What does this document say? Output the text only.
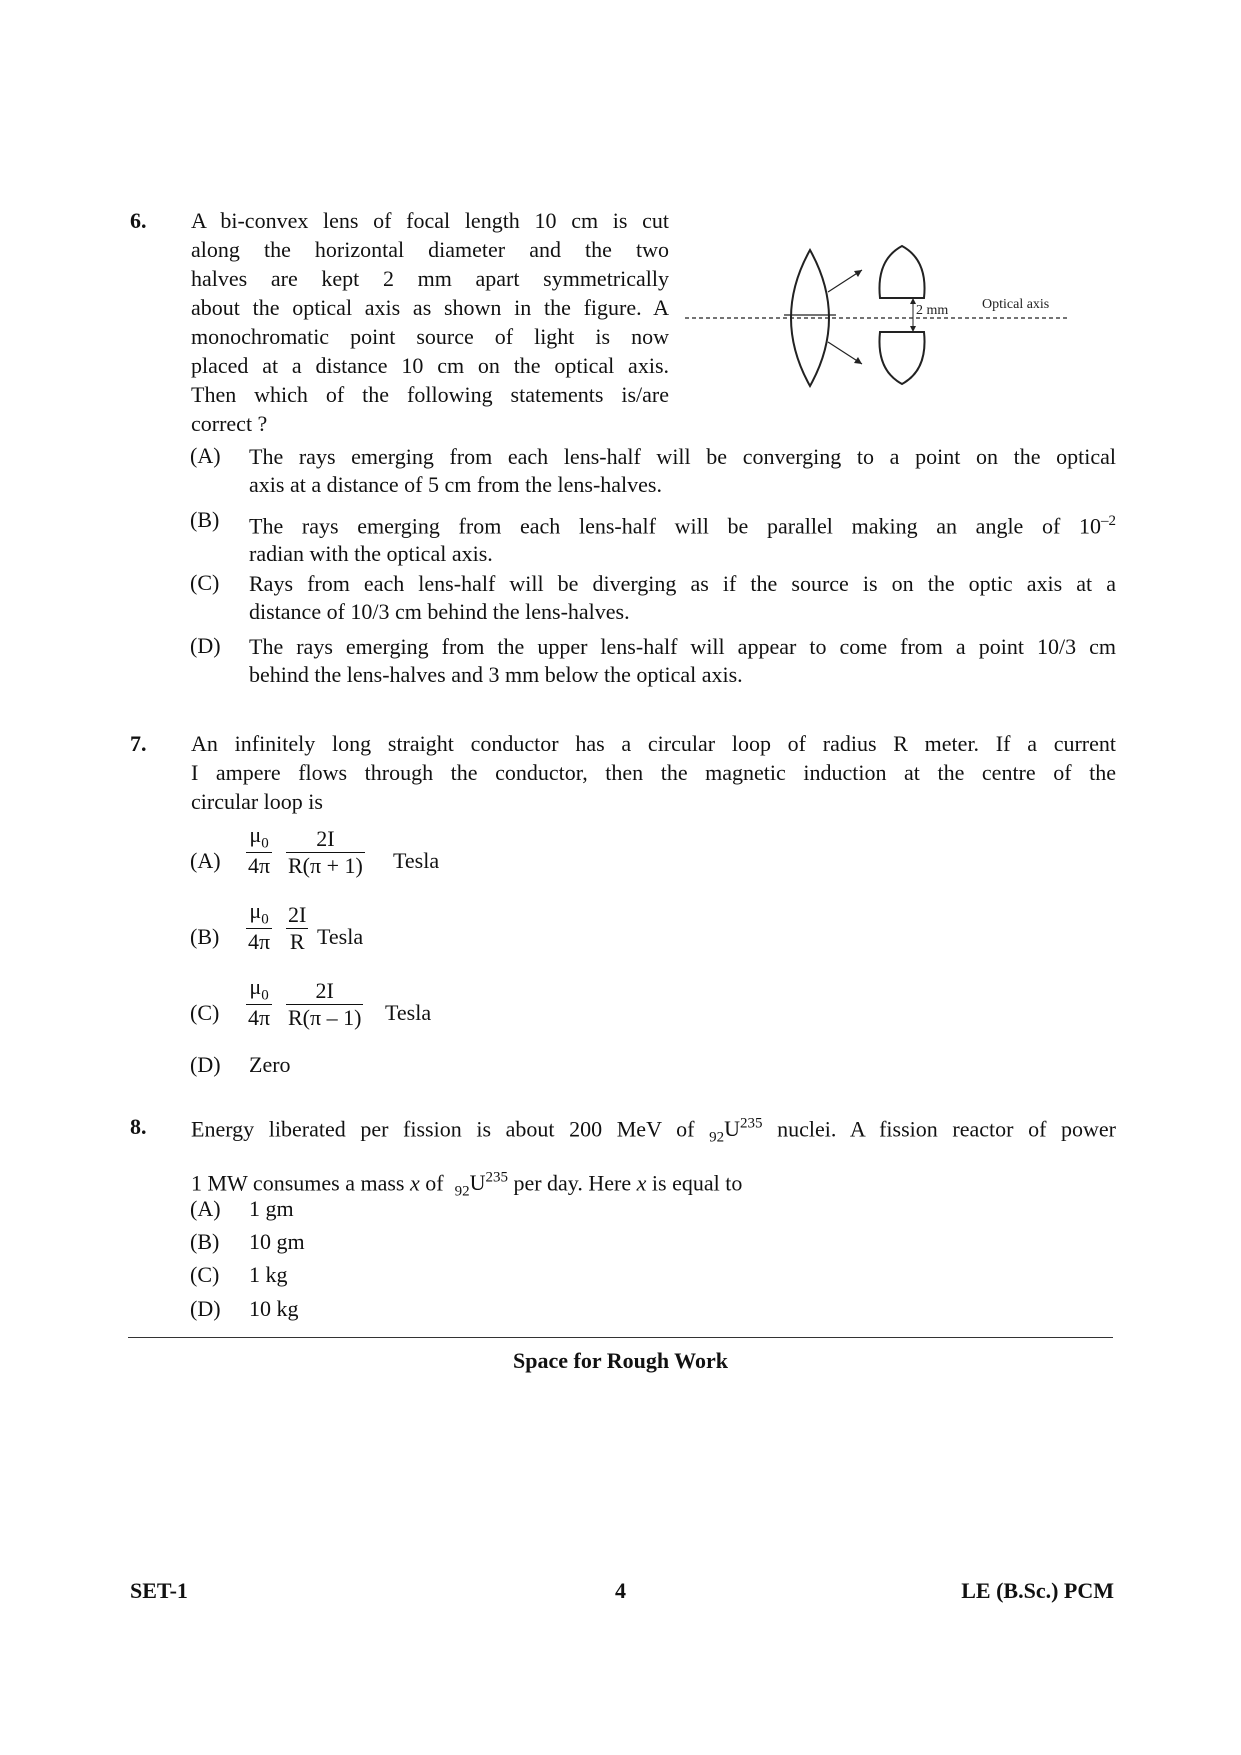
6. A bi-convex lens of focal length 10 cm is cut
along the horizontal diameter and the two
halves are kept 2 mm apart symmetrically
about the optical axis as shown in the figure. A
monochromatic point source of light is now
placed at a distance 10 cm on the optical axis.
Then which of the following statements is/are
correct ?
2 mm Optical axis
(A) The rays emerging from each lens-half will be converging to a point on the optical
axis at a distance of 5 cm from the lens-halves.
(B) The rays emerging from each lens-half will be parallel making an angle of $10^{-2}$
radian with the optical axis.
(C) Rays from each lens-half will be diverging as if the source is on the optic axis at a
distance of 10/3 cm behind the lens-halves.
(D) The rays emerging from the upper lens-half will appear to come from a point 10/3 cm
behind the lens-halves and 3 mm below the optical axis.
7. An infinitely long straight conductor has a circular loop of radius R meter. If a current
I ampere flows through the conductor, then the magnetic induction at the centre of the
circular loop is
$(A) \frac{\mu_0}{4\pi} \frac{2I}{R(\pi + 1)}$ Tesla
$(B) \frac{\mu_0}{4\pi} \frac{2I}{R}$ Tesla
$(C) \frac{\mu_0}{4\pi} \frac{2I}{R(\pi - 1)}$ Tesla
(D) Zero
8. Energy liberated per fission is about 200 MeV of $_{92}U^{235}$ nuclei. A fission reactor of power
1 MW consumes a mass x of $_{92}U^{235}$ per day. Here x is equal to
(A) 1 gm
(B) 10 gm
(C) 1 kg
(D) 10 kg
Space for Rough Work
SET-1	4	LE (B.Sc.) PCM
